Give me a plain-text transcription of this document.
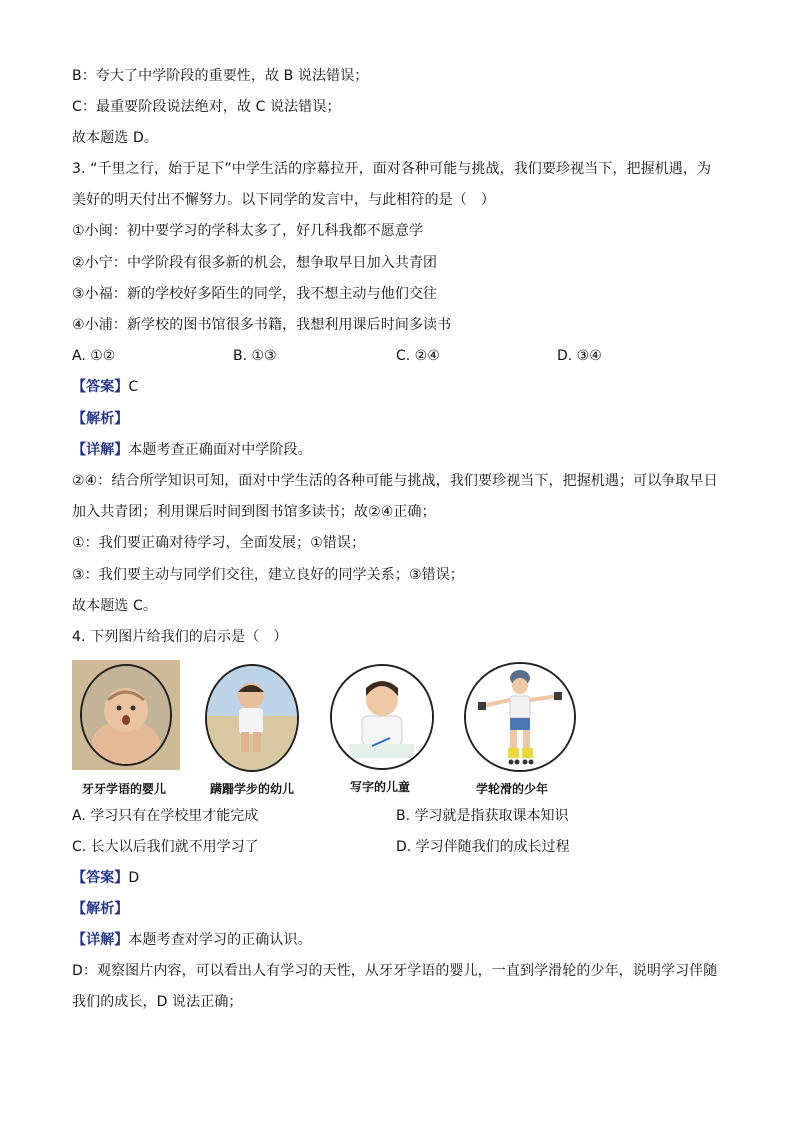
B：夸大了中学阶段的重要性，故 B 说法错误；
C：最重要阶段说法绝对，故 C 说法错误；
故本题选 D。
3. “千里之行，始于足下”中学生活的序幕拉开，面对各种可能与挑战，我们要珍视当下，把握机遇，为
美好的明天付出不懈努力。以下同学的发言中，与此相符的是（　）
①小闽：初中要学习的学科太多了，好几科我都不愿意学
②小宁：中学阶段有很多新的机会，想争取早日加入共青团
③小福：新的学校好多陌生的同学，我不想主动与他们交往
④小浦：新学校的图书馆很多书籍，我想利用课后时间多读书
A. ①②	B. ①③	C. ②④	D. ③④
【答案】C
【解析】
【详解】本题考查正确面对中学阶段。
②④：结合所学知识可知，面对中学生活的各种可能与挑战，我们要珍视当下，把握机遇；可以争取早日
加入共青团；利用课后时间到图书馆多读书；故②④正确；
①：我们要正确对待学习，全面发展；①错误；
③：我们要主动与同学们交往，建立良好的同学关系；③错误；
故本题选 C。
4. 下列图片给我们的启示是（　）
牙牙学语的婴儿	蹒跚学步的幼儿	写字的儿童	学轮滑的少年
A. 学习只有在学校里才能完成	B. 学习就是指获取课本知识
C. 长大以后我们就不用学习了	D. 学习伴随我们的成长过程
【答案】D
【解析】
【详解】本题考查对学习的正确认识。
D：观察图片内容，可以看出人有学习的天性，从牙牙学语的婴儿，一直到学滑轮的少年，说明学习伴随
我们的成长，D 说法正确；
